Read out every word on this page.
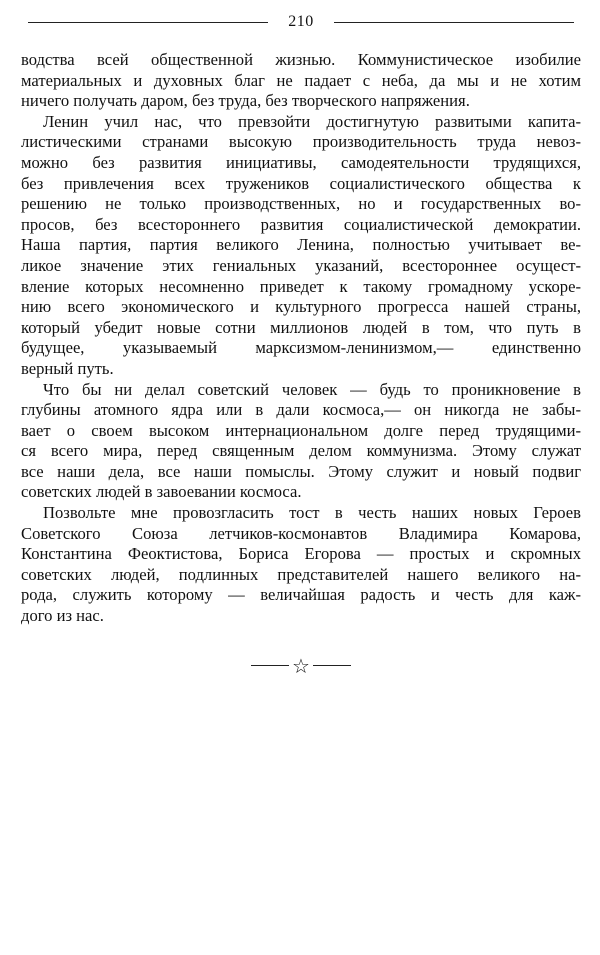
210

водства всей общественной жизнью. Коммунистическое изобилие
материальных и духовных благ не падает с неба, да мы и не хотим
ничего получать даром, без труда, без творческого напряжения.

Ленин учил нас, что превзойти достигнутую развитыми капита-
листическими странами высокую производительность труда невоз-
можно без развития инициативы, самодеятельности трудящихся,
без привлечения всех тружеников социалистического общества к
решению не только производственных, но и государственных во-
просов, без всестороннего развития социалистической демократии.
Наша партия, партия великого Ленина, полностью учитывает ве-
ликое значение этих гениальных указаний, всестороннее осущест-
вление которых несомненно приведет к такому громадному ускоре-
нию всего экономического и культурного прогресса нашей страны,
который убедит новые сотни миллионов людей в том, что путь в
будущее, указываемый марксизмом-ленинизмом,— единственно
верный путь.

Что бы ни делал советский человек — будь то проникновение в
глубины атомного ядра или в дали космоса,— он никогда не забы-
вает о своем высоком интернациональном долге перед трудящими-
ся всего мира, перед священным делом коммунизма. Этому служат
все наши дела, все наши помыслы. Этому служит и новый подвиг
советских людей в завоевании космоса.

Позвольте мне провозгласить тост в честь наших новых Героев
Советского Союза летчиков-космонавтов Владимира Комарова,
Константина Феоктистова, Бориса Егорова — простых и скромных
советских людей, подлинных представителей нашего великого на-
рода, служить которому — величайшая радость и честь для каж-
дого из нас.

☆
